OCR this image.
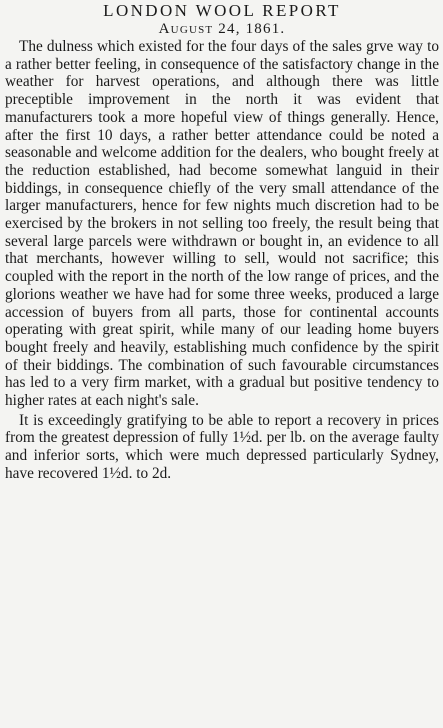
LONDON WOOL REPORT
August 24, 1861.

The dulness which existed for the four days of the sales grve way to a rather better feeling, in consequence of the satisfactory change in the weather for harvest operations, and although there was little preceptible improvement in the north it was evident that manufacturers took a more hopeful view of things generally. Hence, after the first 10 days, a rather better attendance could be noted a seasonable and welcome addition for the dealers, who bought freely at the reduction established, had become somewhat languid in their biddings, in consequence chiefly of the very small attendance of the larger manufacturers, hence for few nights much discretion had to be exercised by the brokers in not selling too freely, the result being that several large parcels were withdrawn or bought in, an evidence to all that merchants, however willing to sell, would not sacrifice; this coupled with the report in the north of the low range of prices, and the glorions weather we have had for some three weeks, produced a large accession of buyers from all parts, those for continental accounts operating with great spirit, while many of our leading home buyers bought freely and heavily, establishing much confidence by the spirit of their biddings. The combination of such favourable circumstances has led to a very firm market, with a gradual but positive tendency to higher rates at each night's sale.

It is exceedingly gratifying to be able to report a recovery in prices from the greatest depression of fully 1½d. per lb. on the average faulty and inferior sorts, which were much depressed particularly Sydney, have recovered 1½d. to 2d.
